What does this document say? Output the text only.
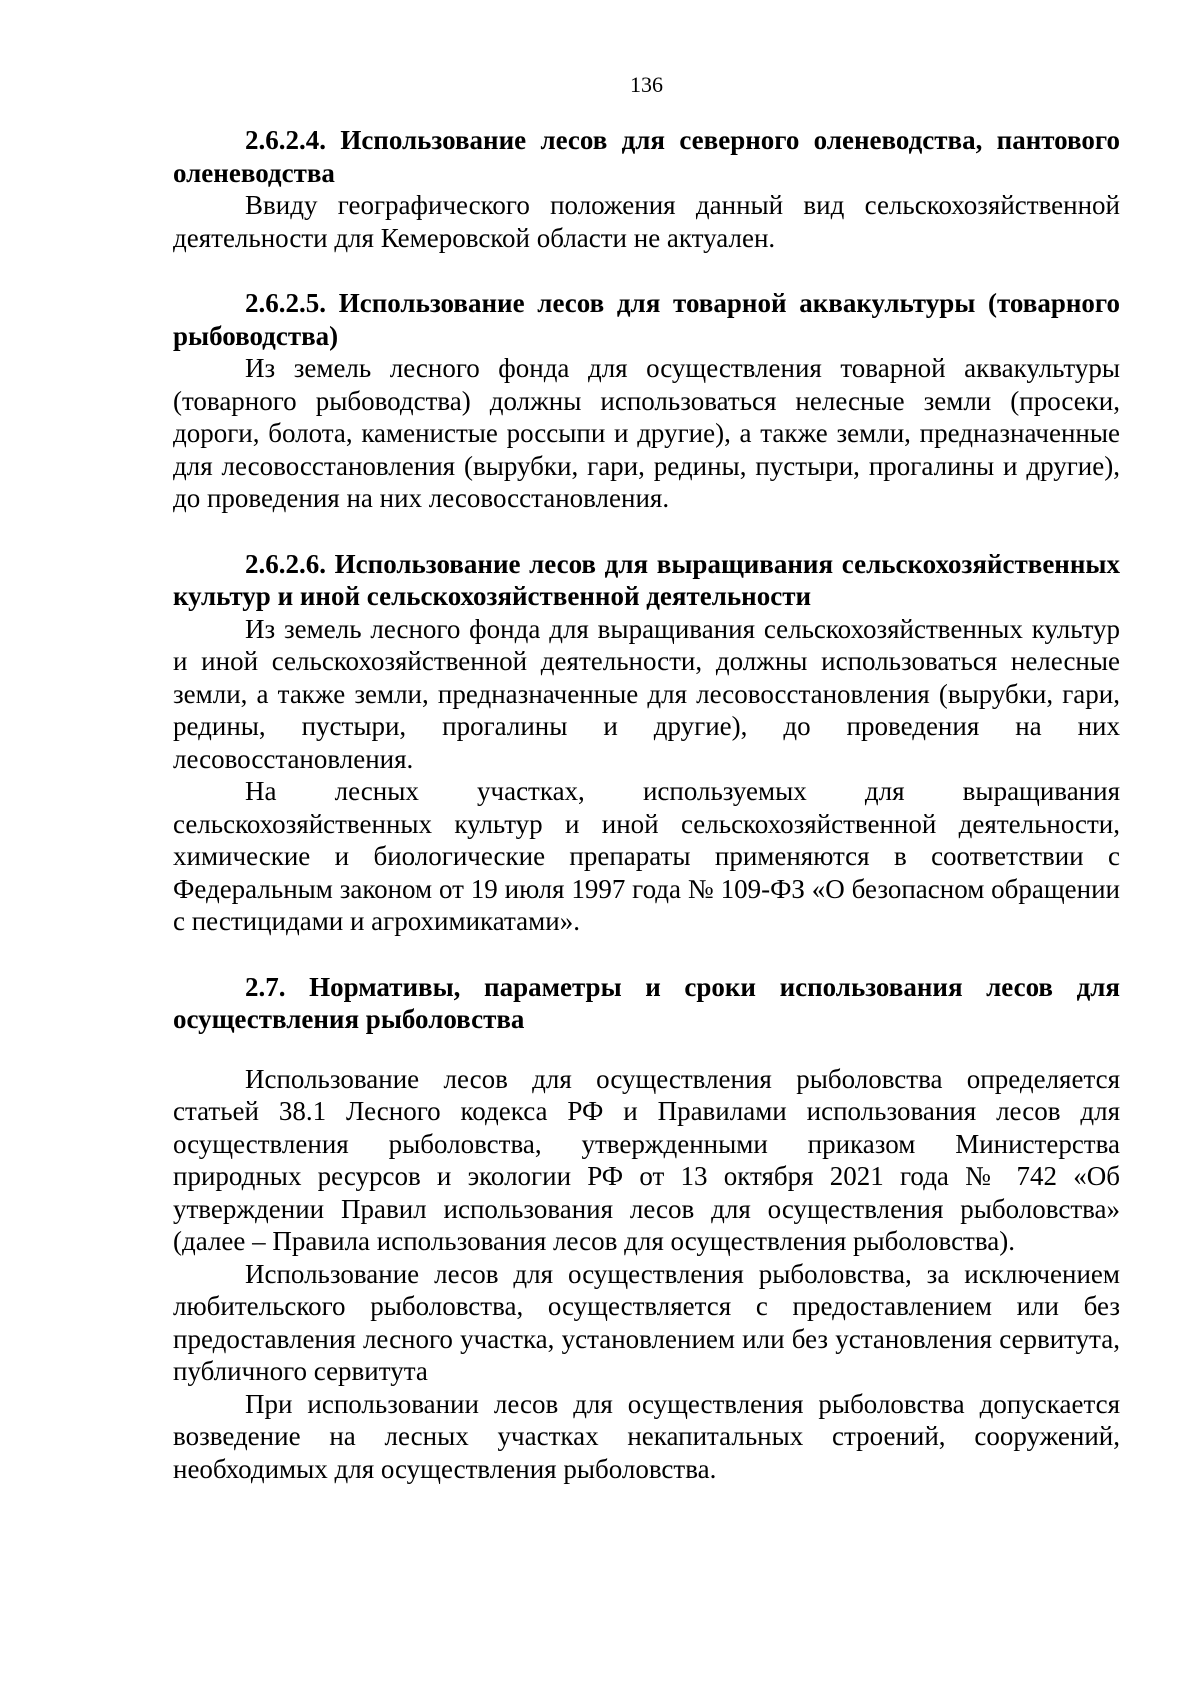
136

2.6.2.4. Использование лесов для северного оленеводства, пантового оленеводства

Ввиду географического положения данный вид сельскохозяйственной деятельности для Кемеровской области не актуален.

2.6.2.5. Использование лесов для товарной аквакультуры (товарного рыбоводства)

Из земель лесного фонда для осуществления товарной аквакультуры (товарного рыбоводства) должны использоваться нелесные земли (просеки, дороги, болота, каменистые россыпи и другие), а также земли, предназначенные для лесовосстановления (вырубки, гари, редины, пустыри, прогалины и другие), до проведения на них лесовосстановления.

2.6.2.6. Использование лесов для выращивания сельскохозяйственных культур и иной сельскохозяйственной деятельности

Из земель лесного фонда для выращивания сельскохозяйственных культур и иной сельскохозяйственной деятельности, должны использоваться нелесные земли, а также земли, предназначенные для лесовосстановления (вырубки, гари, редины, пустыри, прогалины и другие), до проведения на них лесовосстановления.

На лесных участках, используемых для выращивания сельскохозяйственных культур и иной сельскохозяйственной деятельности, химические и биологические препараты применяются в соответствии с Федеральным законом от 19 июля 1997 года № 109-ФЗ «О безопасном обращении с пестицидами и агрохимикатами».

2.7. Нормативы, параметры и сроки использования лесов для осуществления рыболовства

Использование лесов для осуществления рыболовства определяется статьей 38.1 Лесного кодекса РФ и Правилами использования лесов для осуществления рыболовства, утвержденными приказом Министерства природных ресурсов и экологии РФ от 13 октября 2021 года № 742 «Об утверждении Правил использования лесов для осуществления рыболовства» (далее – Правила использования лесов для осуществления рыболовства).

Использование лесов для осуществления рыболовства, за исключением любительского рыболовства, осуществляется с предоставлением или без предоставления лесного участка, установлением или без установления сервитута, публичного сервитута

При использовании лесов для осуществления рыболовства допускается возведение на лесных участках некапитальных строений, сооружений, необходимых для осуществления рыболовства.
